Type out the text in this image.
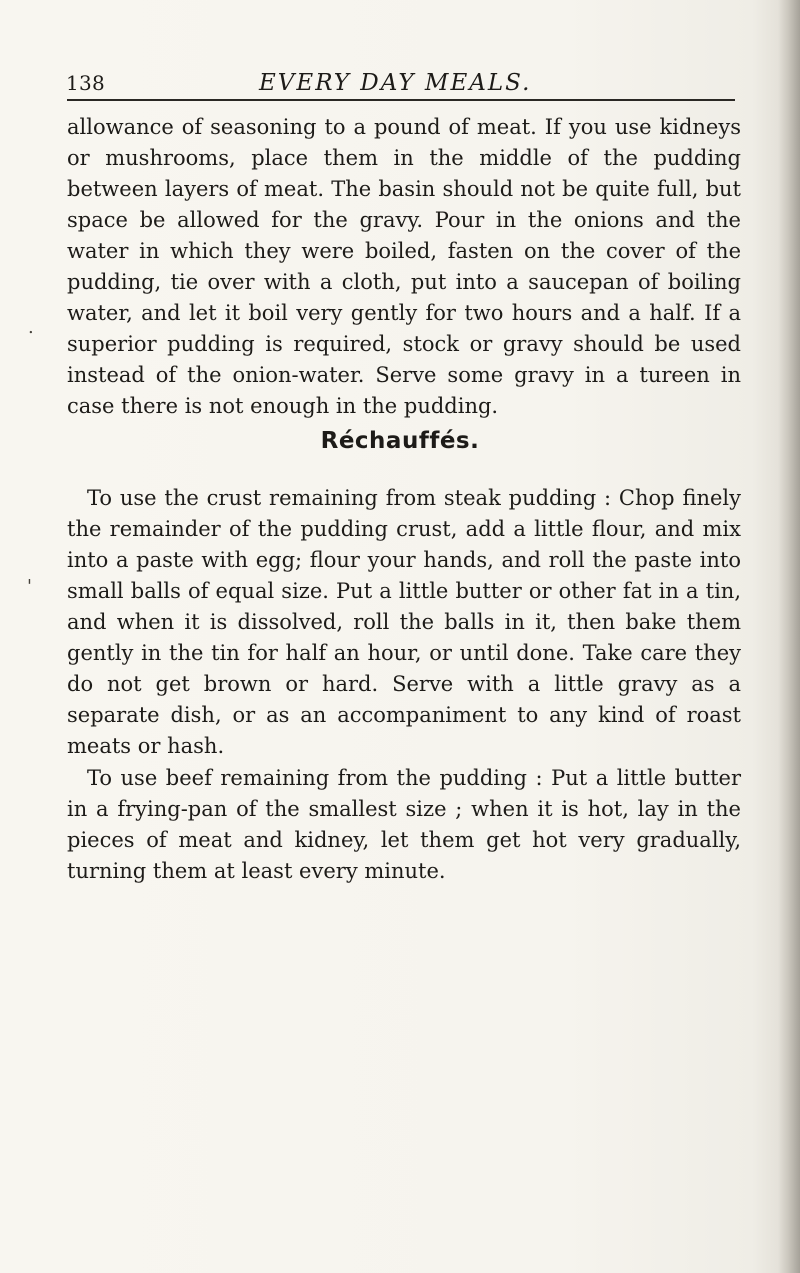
138	EVERY DAY MEALS.
.
'
allowance of seasoning to a pound of meat. If you use kidneys or mushrooms, place them in the middle of the pudding between layers of meat. The basin should not be quite full, but space be allowed for the gravy. Pour in the onions and the water in which they were boiled, fasten on the cover of the pudding, tie over with a cloth, put into a saucepan of boiling water, and let it boil very gently for two hours and a half. If a superior pudding is required, stock or gravy should be used instead of the onion-water. Serve some gravy in a tureen in case there is not enough in the pudding.
Réchauffés.
To use the crust remaining from steak pudding : Chop finely the remainder of the pudding crust, add a little flour, and mix into a paste with egg; flour your hands, and roll the paste into small balls of equal size. Put a little butter or other fat in a tin, and when it is dissolved, roll the balls in it, then bake them gently in the tin for half an hour, or until done. Take care they do not get brown or hard. Serve with a little gravy as a separate dish, or as an accompaniment to any kind of roast meats or hash.
To use beef remaining from the pudding : Put a little butter in a frying-pan of the smallest size ; when it is hot, lay in the pieces of meat and kidney, let them get hot very gradually, turning them at least every minute.
